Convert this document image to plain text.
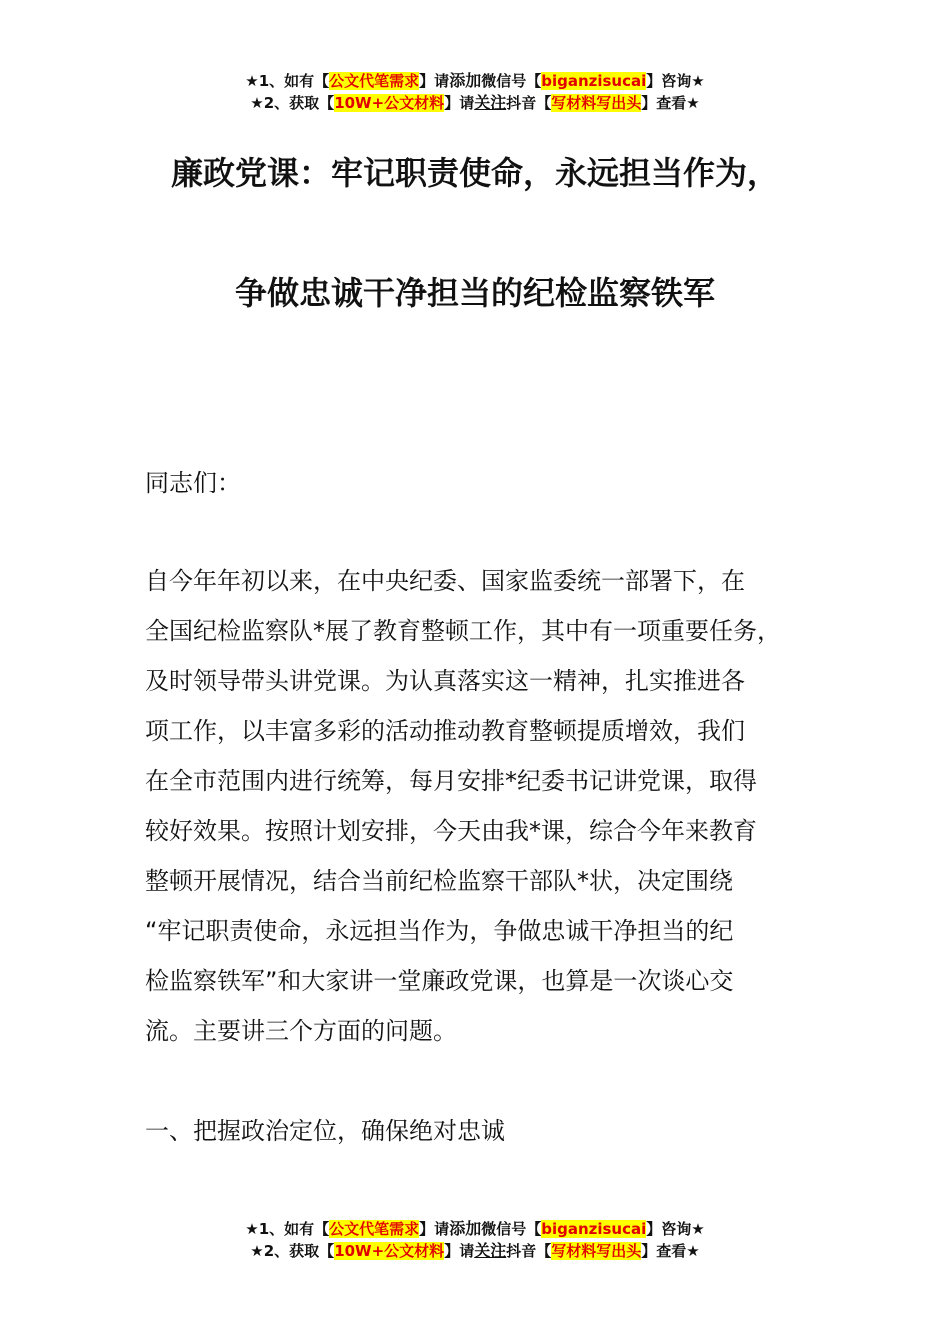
★1、如有【公文代笔需求】请添加微信号【biganzisucai】咨询★
★2、获取【10W+公文材料】请关注抖音【写材料写出头】查看★
廉政党课：牢记职责使命，永远担当作为，
争做忠诚干净担当的纪检监察铁军
同志们：
自今年年初以来，在中央纪委、国家监委统一部署下，在
全国纪检监察队*展了教育整顿工作，其中有一项重要任务，
及时领导带头讲党课。为认真落实这一精神，扎实推进各
项工作，以丰富多彩的活动推动教育整顿提质增效，我们
在全市范围内进行统筹，每月安排*纪委书记讲党课，取得
较好效果。按照计划安排，今天由我*课，综合今年来教育
整顿开展情况，结合当前纪检监察干部队*状，决定围绕
“牢记职责使命，永远担当作为，争做忠诚干净担当的纪
检监察铁军”和大家讲一堂廉政党课，也算是一次谈心交
流。主要讲三个方面的问题。
一、把握政治定位，确保绝对忠诚
★1、如有【公文代笔需求】请添加微信号【biganzisucai】咨询★
★2、获取【10W+公文材料】请关注抖音【写材料写出头】查看★
